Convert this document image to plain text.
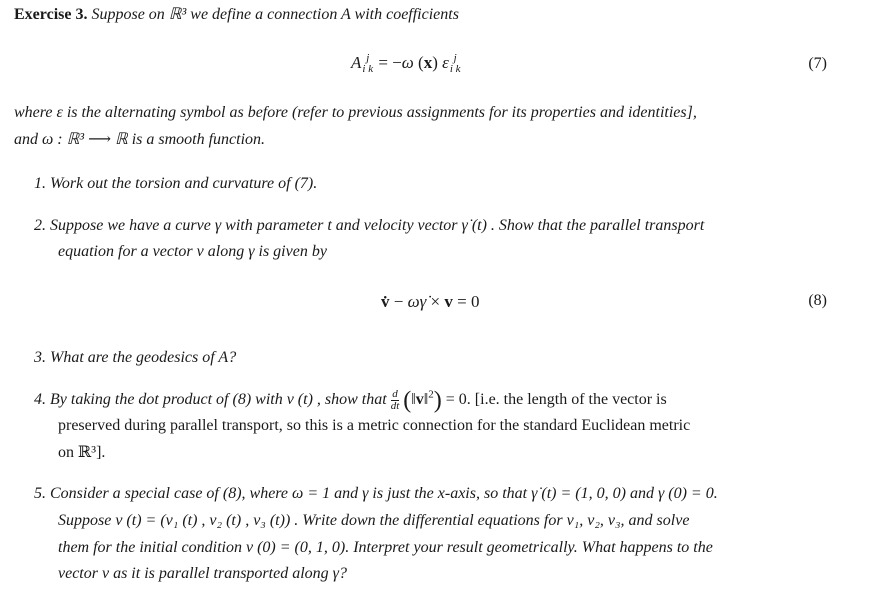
Exercise 3. Suppose on ℝ³ we define a connection A with coefficients
A j
i k = −ω (x) ε j
i k	(7)
where ε is the alternating symbol as before (refer to previous assignments for its properties and identities],
and ω : ℝ³ ⟶ ℝ is a smooth function.
1. Work out the torsion and curvature of (7).
2. Suppose we have a curve γ with parameter t and velocity vector γ̇ (t) . Show that the parallel transport
equation for a vector v along γ is given by
v̇ − ωγ̇ × v = 0	(8)
3. What are the geodesics of A?
4. By taking the dot product of (8) with v (t) , show that $\frac{d}{dt}$ (‖v‖$^2$) = 0. [i.e. the length of the vector is
preserved during parallel transport, so this is a metric connection for the standard Euclidean metric
on ℝ³].
5. Consider a special case of (8), where ω = 1 and γ is just the x-axis, so that γ̇ (t) = (1, 0, 0) and γ (0) = 0.
Suppose v (t) = (v₁ (t) , v₂ (t) , v₃ (t)) . Write down the differential equations for v₁, v₂, v₃, and solve
them for the initial condition v (0) = (0, 1, 0). Interpret your result geometrically. What happens to the
vector v as it is parallel transported along γ?
